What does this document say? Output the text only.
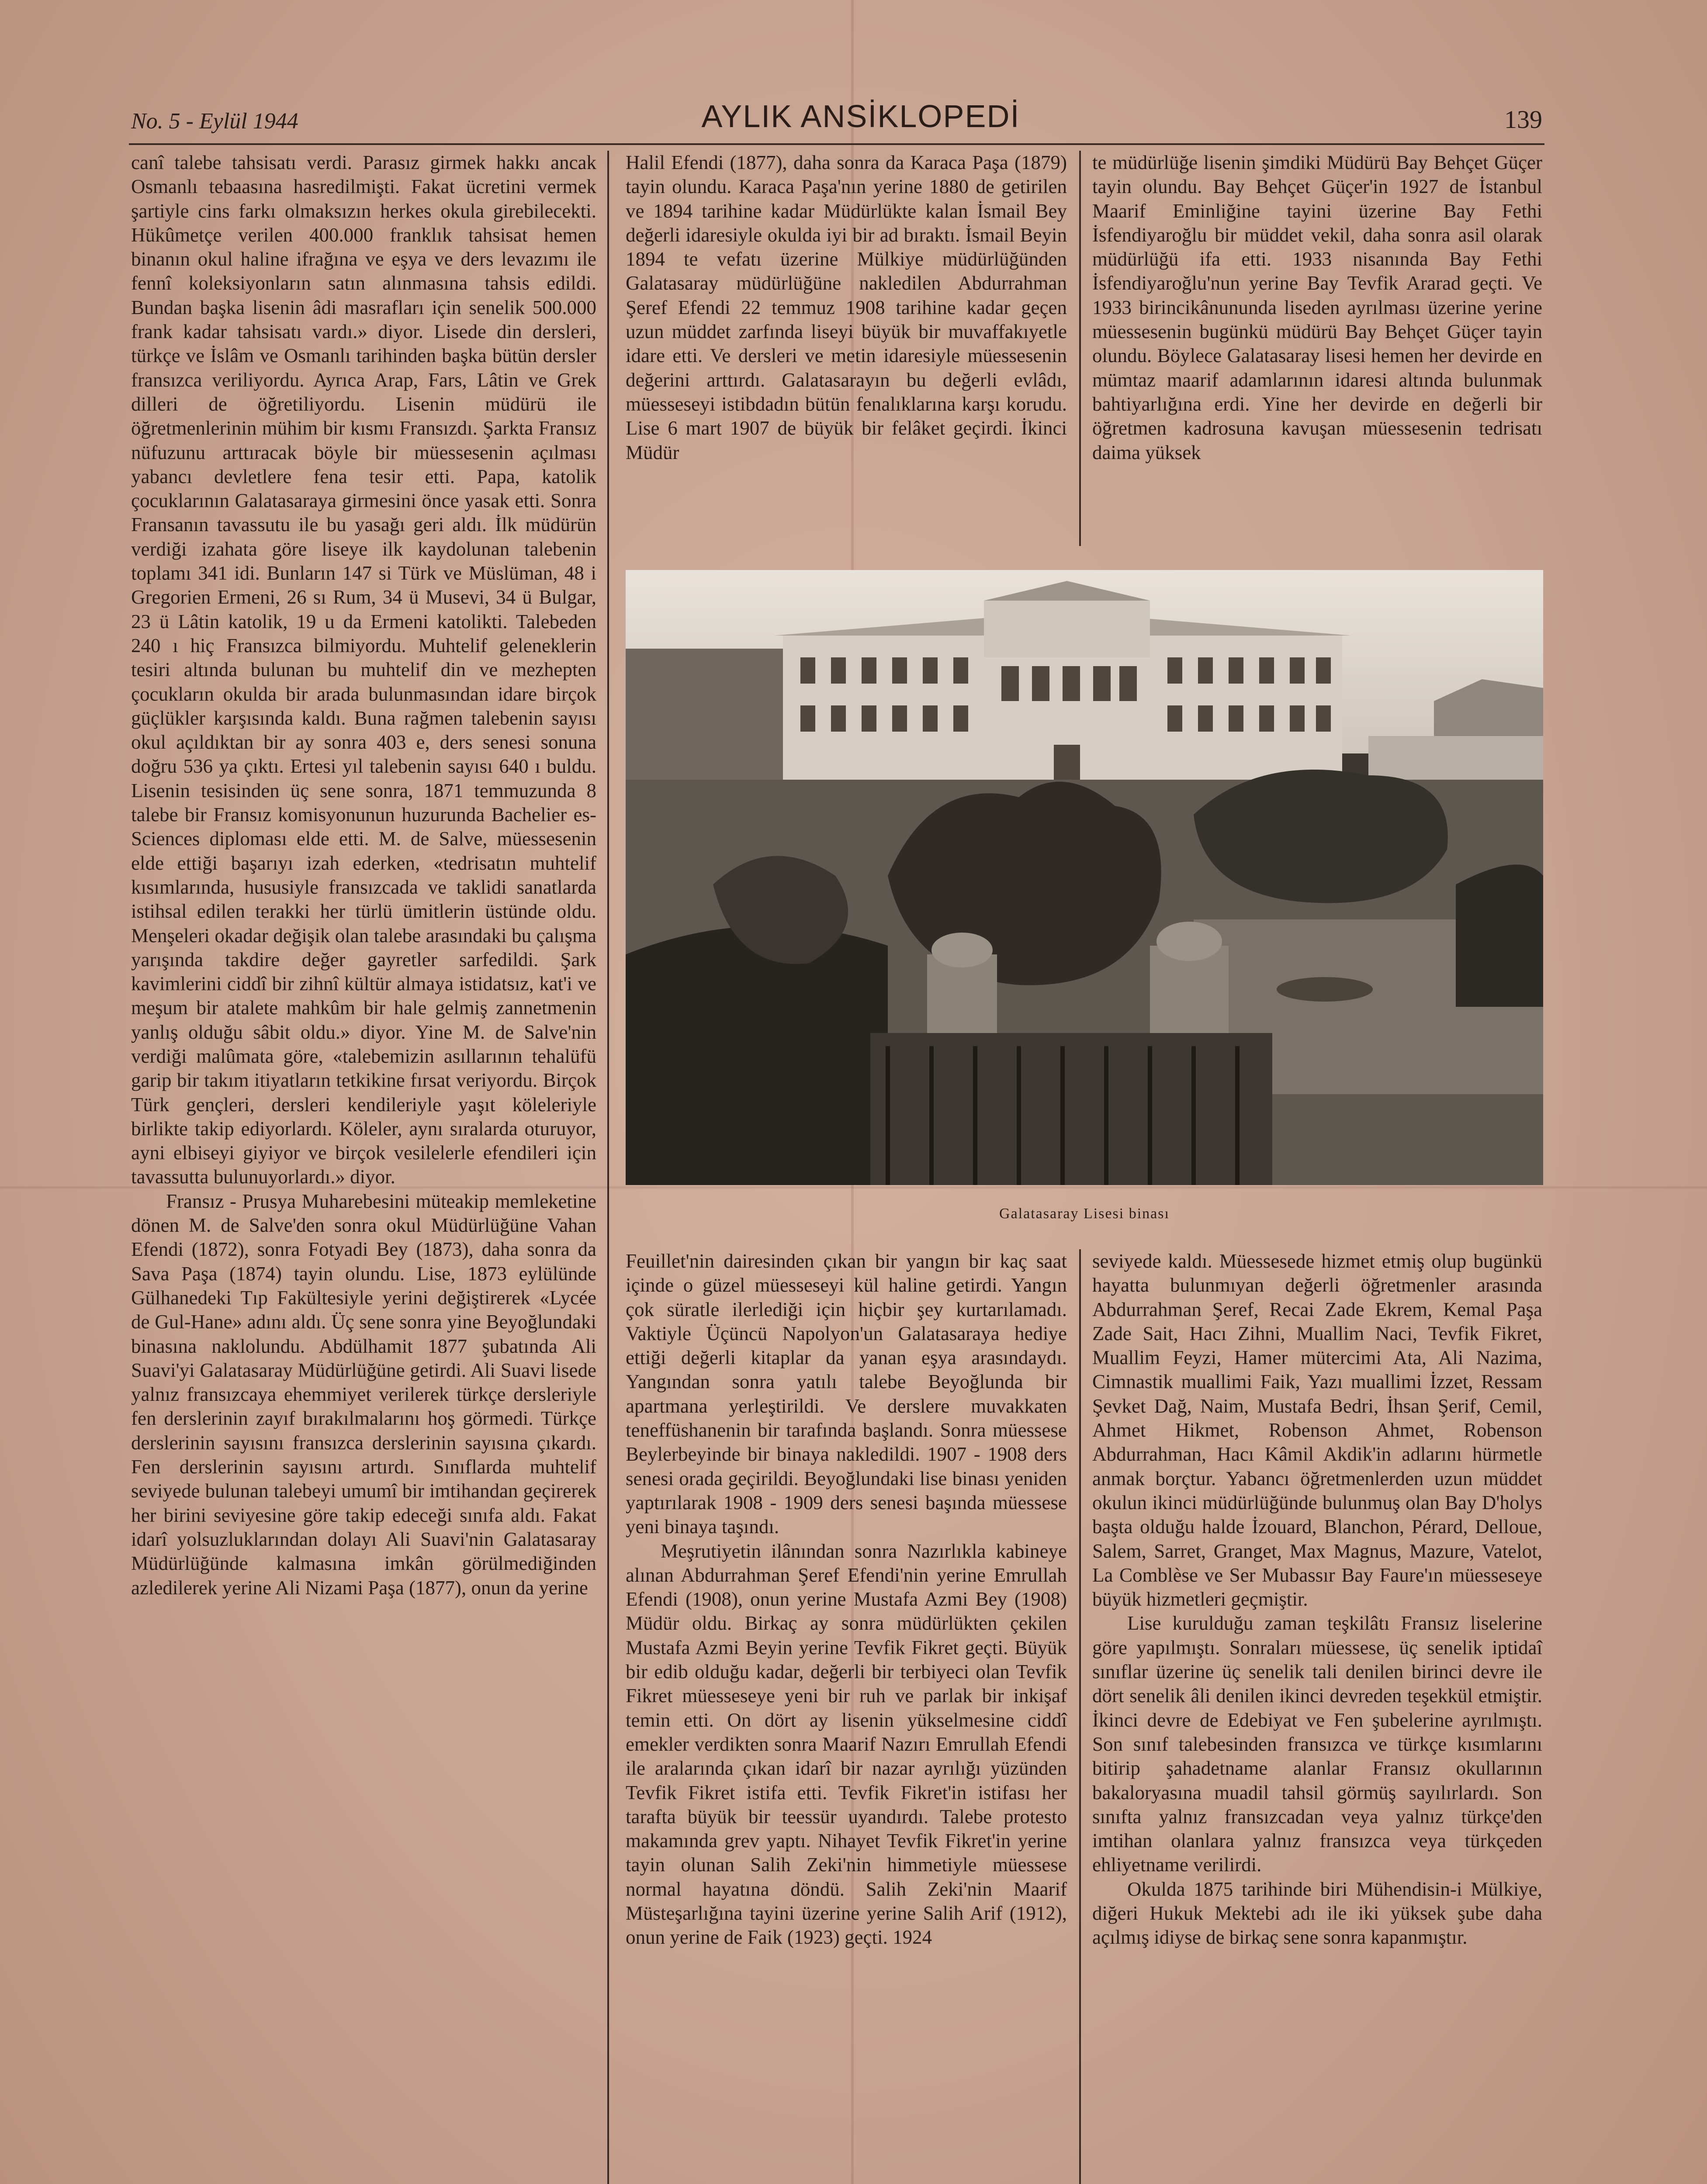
No. 5 - Eylül 1944	AYLIK ANSİKLOPEDİ	139

canî talebe tahsisatı verdi. Parasız girmek hakkı ancak Osmanlı tebaasına hasredilmişti. Fakat ücretini vermek şartiyle cins farkı olmaksızın herkes okula girebilecekti. Hükûmetçe verilen 400.000 franklık tahsisat hemen binanın okul haline ifrağına ve eşya ve ders levazımı ile fennî koleksiyonların satın alınmasına tahsis edildi. Bundan başka lisenin âdi masrafları için senelik 500.000 frank kadar tahsisatı vardı.» diyor. Lisede din dersleri, türkçe ve İslâm ve Osmanlı tarihinden başka bütün dersler fransızca veriliyordu. Ayrıca Arap, Fars, Lâtin ve Grek dilleri de öğretiliyordu. Lisenin müdürü ile öğretmenlerinin mühim bir kısmı Fransızdı. Şarkta Fransız nüfuzunu arttıracak böyle bir müessesenin açılması yabancı devletlere fena tesir etti. Papa, katolik çocuklarının Galatasaraya girmesini önce yasak etti. Sonra Fransanın tavassutu ile bu yasağı geri aldı. İlk müdürün verdiği izahata göre liseye ilk kaydolunan talebenin toplamı 341 idi. Bunların 147 si Türk ve Müslüman, 48 i Gregorien Ermeni, 26 sı Rum, 34 ü Musevi, 34 ü Bulgar, 23 ü Lâtin katolik, 19 u da Ermeni katolikti. Talebeden 240 ı hiç Fransızca bilmiyordu. Muhtelif geleneklerin tesiri altında bulunan bu muhtelif din ve mezhepten çocukların okulda bir arada bulunmasından idare birçok güçlükler karşısında kaldı. Buna rağmen talebenin sayısı okul açıldıktan bir ay sonra 403 e, ders senesi sonuna doğru 536 ya çıktı. Ertesi yıl talebenin sayısı 640 ı buldu. Lisenin tesisinden üç sene sonra, 1871 temmuzunda 8 talebe bir Fransız komisyonunun huzurunda Bachelier es-Sciences diploması elde etti. M. de Salve, müessesenin elde ettiği başarıyı izah ederken, «tedrisatın muhtelif kısımlarında, hususiyle fransızcada ve taklidi sanatlarda istihsal edilen terakki her türlü ümitlerin üstünde oldu. Menşeleri okadar değişik olan talebe arasındaki bu çalışma yarışında takdire değer gayretler sarfedildi. Şark kavimlerini ciddî bir zihnî kültür almaya istidatsız, kat'i ve meşum bir atalete mahkûm bir hale gelmiş zannetmenin yanlış olduğu sâbit oldu.» diyor. Yine M. de Salve'nin verdiği malûmata göre, «talebemizin asıllarının tehalüfü garip bir takım itiyatların tetkikine fırsat veriyordu. Birçok Türk gençleri, dersleri kendileriyle yaşıt köleleriyle birlikte takip ediyorlardı. Köleler, aynı sıralarda oturuyor, ayni elbiseyi giyiyor ve birçok vesilelerle efendileri için tavassutta bulunuyorlardı.» diyor.

Fransız - Prusya Muharebesini müteakip memleketine dönen M. de Salve'den sonra okul Müdürlüğüne Vahan Efendi (1872), sonra Fotyadi Bey (1873), daha sonra da Sava Paşa (1874) tayin olundu. Lise, 1873 eylülünde Gülhanedeki Tıp Fakültesiyle yerini değiştirerek «Lycée de Gul-Hane» adını aldı. Üç sene sonra yine Beyoğlundaki binasına naklolundu. Abdülhamit 1877 şubatında Ali Suavi'yi Galatasaray Müdürlüğüne getirdi. Ali Suavi lisede yalnız fransızcaya ehemmiyet verilerek türkçe dersleriyle fen derslerinin zayıf bırakılmalarını hoş görmedi. Türkçe derslerinin sayısını fransızca derslerinin sayısına çıkardı. Fen derslerinin sayısını artırdı. Sınıflarda muhtelif seviyede bulunan talebeyi umumî bir imtihandan geçirerek her birini seviyesine göre takip edeceği sınıfa aldı. Fakat idarî yolsuzluklarından dolayı Ali Suavi'nin Galatasaray Müdürlüğünde kalmasına imkân görülmediğinden azledilerek yerine Ali Nizami Paşa (1877), onun da yerine

Halil Efendi (1877), daha sonra da Karaca Paşa (1879) tayin olundu. Karaca Paşa'nın yerine 1880 de getirilen ve 1894 tarihine kadar Müdürlükte kalan İsmail Bey değerli idaresiyle okulda iyi bir ad bıraktı. İsmail Beyin 1894 te vefatı üzerine Mülkiye müdürlüğünden Galatasaray müdürlüğüne nakledilen Abdurrahman Şeref Efendi 22 temmuz 1908 tarihine kadar geçen uzun müddet zarfında liseyi büyük bir muvaffakıyetle idare etti. Ve dersleri ve metin idaresiyle müessesenin değerini arttırdı. Galatasarayın bu değerli evlâdı, müesseseyi istibdadın bütün fenalıklarına karşı korudu. Lise 6 mart 1907 de büyük bir felâket geçirdi. İkinci Müdür

te müdürlüğe lisenin şimdiki Müdürü Bay Behçet Güçer tayin olundu. Bay Behçet Güçer'in 1927 de İstanbul Maarif Eminliğine tayini üzerine Bay Fethi İsfendiyaroğlu bir müddet vekil, daha sonra asil olarak müdürlüğü ifa etti. 1933 nisanında Bay Fethi İsfendiyaroğlu'nun yerine Bay Tevfik Ararad geçti. Ve 1933 birincikânununda liseden ayrılması üzerine yerine müessesenin bugünkü müdürü Bay Behçet Güçer tayin olundu. Böylece Galatasaray lisesi hemen her devirde en mümtaz maarif adamlarının idaresi altında bulunmak bahtiyarlığına erdi. Yine her devirde en değerli bir öğretmen kadrosuna kavuşan müessesenin tedrisatı daima yüksek

Galatasaray Lisesi binası

Feuillet'nin dairesinden çıkan bir yangın bir kaç saat içinde o güzel müesseseyi kül haline getirdi. Yangın çok süratle ilerlediği için hiçbir şey kurtarılamadı. Vaktiyle Üçüncü Napolyon'un Galatasaraya hediye ettiği değerli kitaplar da yanan eşya arasındaydı. Yangından sonra yatılı talebe Beyoğlunda bir apartmana yerleştirildi. Ve derslere muvakkaten teneffüshanenin bir tarafında başlandı. Sonra müessese Beylerbeyinde bir binaya nakledildi. 1907 - 1908 ders senesi orada geçirildi. Beyoğlundaki lise binası yeniden yaptırılarak 1908 - 1909 ders senesi başında müessese yeni binaya taşındı.

Meşrutiyetin ilânından sonra Nazırlıkla kabineye alınan Abdurrahman Şeref Efendi'nin yerine Emrullah Efendi (1908), onun yerine Mustafa Azmi Bey (1908) Müdür oldu. Birkaç ay sonra müdürlükten çekilen Mustafa Azmi Beyin yerine Tevfik Fikret geçti. Büyük bir edib olduğu kadar, değerli bir terbiyeci olan Tevfik Fikret müesseseye yeni bir ruh ve parlak bir inkişaf temin etti. On dört ay lisenin yükselmesine ciddî emekler verdikten sonra Maarif Nazırı Emrullah Efendi ile aralarında çıkan idarî bir nazar ayrılığı yüzünden Tevfik Fikret istifa etti. Tevfik Fikret'in istifası her tarafta büyük bir teessür uyandırdı. Talebe protesto makamında grev yaptı. Nihayet Tevfik Fikret'in yerine tayin olunan Salih Zeki'nin himmetiyle müessese normal hayatına döndü. Salih Zeki'nin Maarif Müsteşarlığına tayini üzerine yerine Salih Arif (1912), onun yerine de Faik (1923) geçti. 1924

seviyede kaldı. Müessesede hizmet etmiş olup bugünkü hayatta bulunmıyan değerli öğretmenler arasında Abdurrahman Şeref, Recai Zade Ekrem, Kemal Paşa Zade Sait, Hacı Zihni, Muallim Naci, Tevfik Fikret, Muallim Feyzi, Hamer mütercimi Ata, Ali Nazima, Cimnastik muallimi Faik, Yazı muallimi İzzet, Ressam Şevket Dağ, Naim, Mustafa Bedri, İhsan Şerif, Cemil, Ahmet Hikmet, Robenson Ahmet, Robenson Abdurrahman, Hacı Kâmil Akdik'in adlarını hürmetle anmak borçtur. Yabancı öğretmenlerden uzun müddet okulun ikinci müdürlüğünde bulunmuş olan Bay D'holys başta olduğu halde İzouard, Blanchon, Pérard, Delloue, Salem, Sarret, Granget, Max Magnus, Mazure, Vatelot, La Comblèse ve Ser Mubassır Bay Faure'ın müesseseye büyük hizmetleri geçmiştir.

Lise kurulduğu zaman teşkilâtı Fransız liselerine göre yapılmıştı. Sonraları müessese, üç senelik iptidaî sınıflar üzerine üç senelik tali denilen birinci devre ile dört senelik âli denilen ikinci devreden teşekkül etmiştir. İkinci devre de Edebiyat ve Fen şubelerine ayrılmıştı. Son sınıf talebesinden fransızca ve türkçe kısımlarını bitirip şahadetname alanlar Fransız okullarının bakaloryasına muadil tahsil görmüş sayılırlardı. Son sınıfta yalnız fransızcadan veya yalnız türkçe'den imtihan olanlara yalnız fransızca veya türkçeden ehliyetname verilirdi.

Okulda 1875 tarihinde biri Mühendisin-i Mülkiye, diğeri Hukuk Mektebi adı ile iki yüksek şube daha açılmış idiyse de birkaç sene sonra kapanmıştır.
